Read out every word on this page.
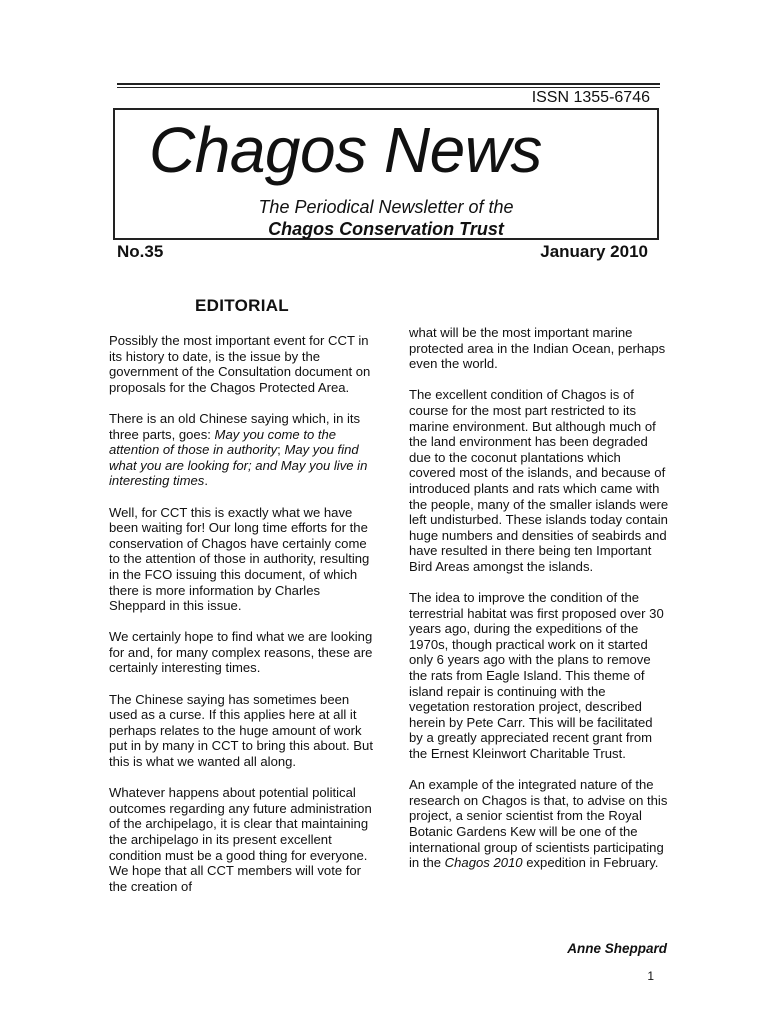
ISSN 1355-6746
Chagos News
The Periodical Newsletter of the
Chagos Conservation Trust
No.35	January 2010
EDITORIAL

Possibly the most important event for CCT in its history to date, is the issue by the government of the Consultation document on proposals for the Chagos Protected Area.

There is an old Chinese saying which, in its three parts, goes: May you come to the attention of those in authority; May you find what you are looking for; and May you live in interesting times.

Well, for CCT this is exactly what we have been waiting for! Our long time efforts for the conservation of Chagos have certainly come to the attention of those in authority, resulting in the FCO issuing this document, of which there is more information by Charles Sheppard in this issue.

We certainly hope to find what we are looking for and, for many complex reasons, these are certainly interesting times.

The Chinese saying has sometimes been used as a curse. If this applies here at all it perhaps relates to the huge amount of work put in by many in CCT to bring this about. But this is what we wanted all along.

Whatever happens about potential political outcomes regarding any future administration of the archipelago, it is clear that maintaining the archipelago in its present excellent condition must be a good thing for everyone. We hope that all CCT members will vote for the creation of

what will be the most important marine protected area in the Indian Ocean, perhaps even the world.

The excellent condition of Chagos is of course for the most part restricted to its marine environment. But although much of the land environment has been degraded due to the coconut plantations which covered most of the islands, and because of introduced plants and rats which came with the people, many of the smaller islands were left undisturbed. These islands today contain huge numbers and densities of seabirds and have resulted in there being ten Important Bird Areas amongst the islands.

The idea to improve the condition of the terrestrial habitat was first proposed over 30 years ago, during the expeditions of the 1970s, though practical work on it started only 6 years ago with the plans to remove the rats from Eagle Island. This theme of island repair is continuing with the vegetation restoration project, described herein by Pete Carr. This will be facilitated by a greatly appreciated recent grant from the Ernest Kleinwort Charitable Trust.

An example of the integrated nature of the research on Chagos is that, to advise on this project, a senior scientist from the Royal Botanic Gardens Kew will be one of the international group of scientists participating in the Chagos 2010 expedition in February.

Anne Sheppard
1
